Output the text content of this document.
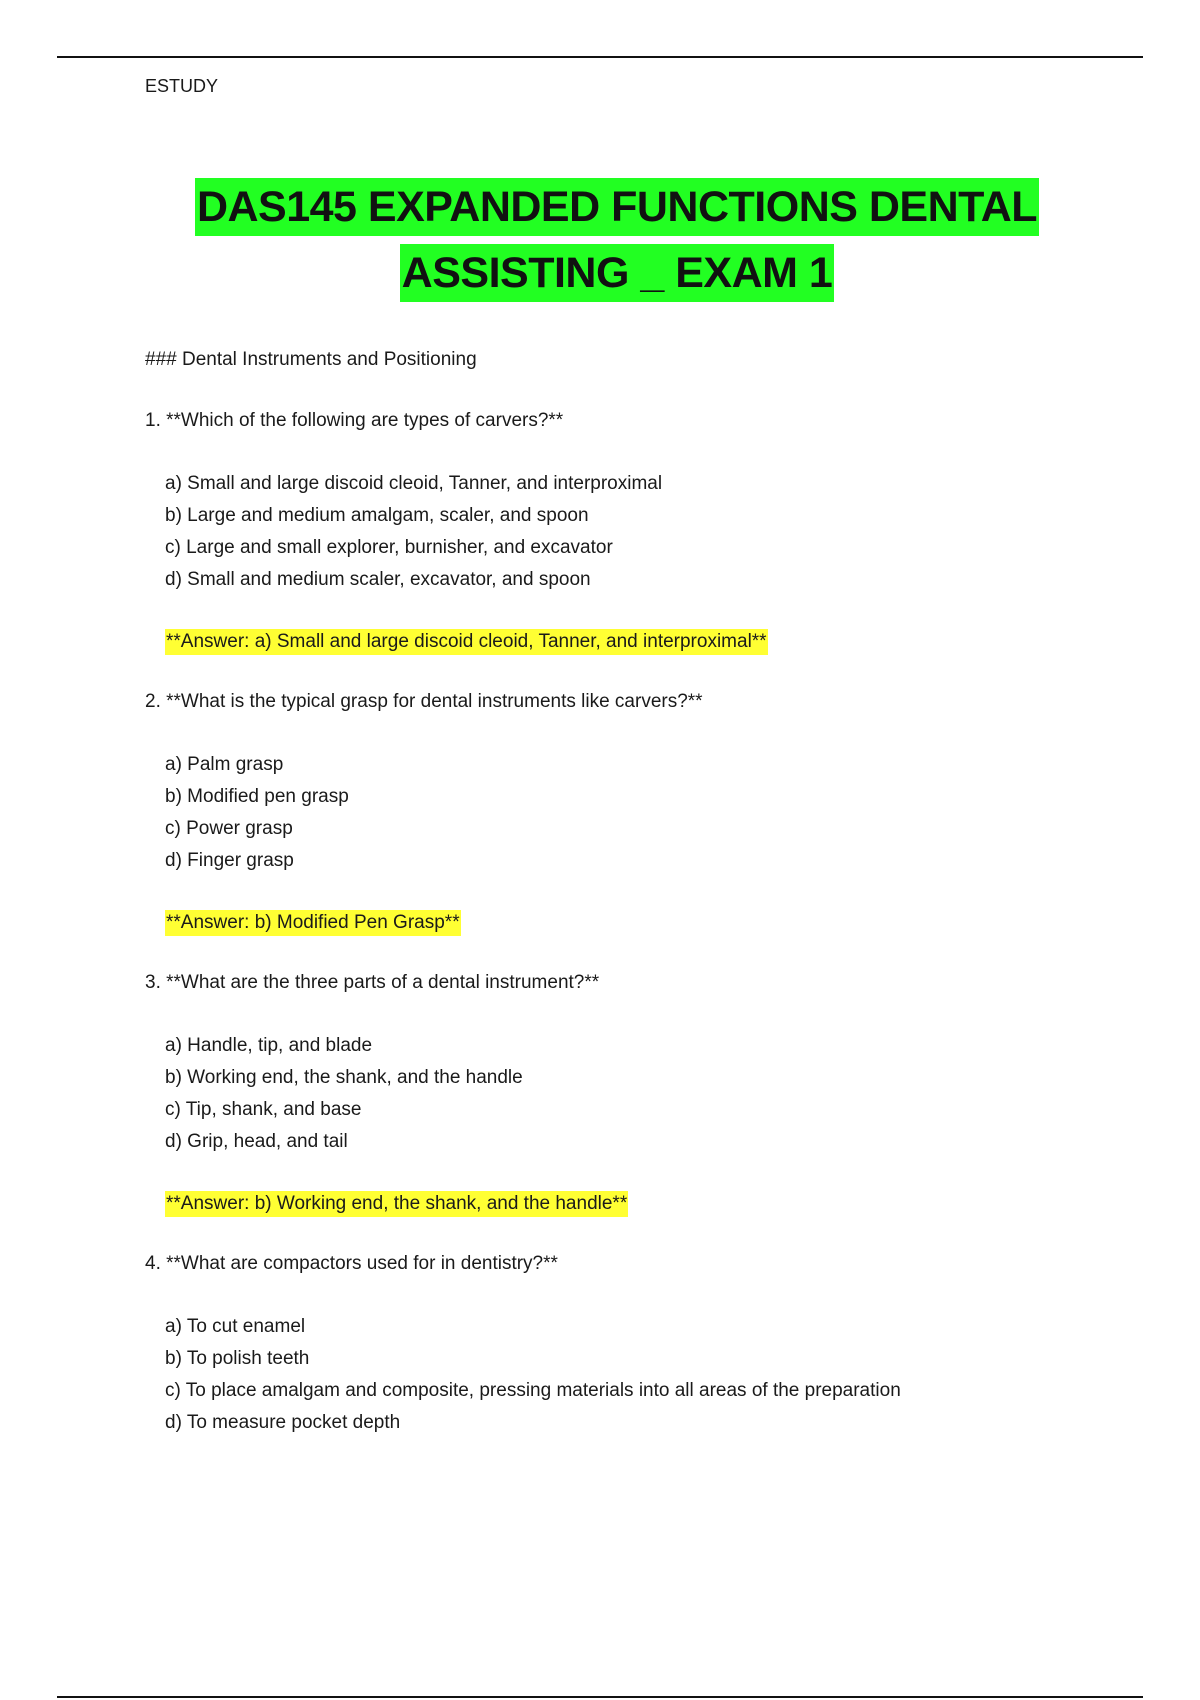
ESTUDY
DAS145 EXPANDED FUNCTIONS DENTAL
ASSISTING _ EXAM 1
### Dental Instruments and Positioning
1. **Which of the following are types of carvers?**
a) Small and large discoid cleoid, Tanner, and interproximal
b) Large and medium amalgam, scaler, and spoon
c) Large and small explorer, burnisher, and excavator
d) Small and medium scaler, excavator, and spoon
**Answer: a) Small and large discoid cleoid, Tanner, and interproximal**
2. **What is the typical grasp for dental instruments like carvers?**
a) Palm grasp
b) Modified pen grasp
c) Power grasp
d) Finger grasp
**Answer: b) Modified Pen Grasp**
3. **What are the three parts of a dental instrument?**
a) Handle, tip, and blade
b) Working end, the shank, and the handle
c) Tip, shank, and base
d) Grip, head, and tail
**Answer: b) Working end, the shank, and the handle**
4. **What are compactors used for in dentistry?**
a) To cut enamel
b) To polish teeth
c) To place amalgam and composite, pressing materials into all areas of the preparation
d) To measure pocket depth
